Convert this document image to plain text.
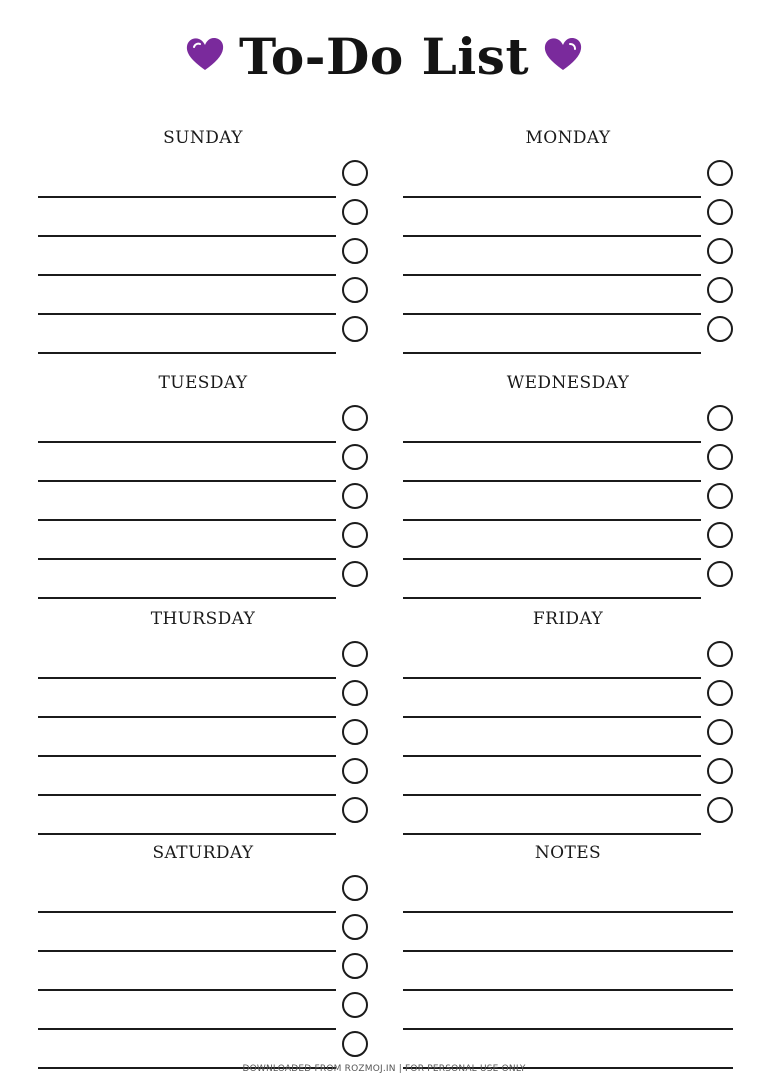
To-Do List
SUNDAY	MONDAY
TUESDAY	WEDNESDAY
THURSDAY	FRIDAY
SATURDAY	NOTES
DOWNLOADED FROM ROZMOJ.IN | FOR PERSONAL USE ONLY
